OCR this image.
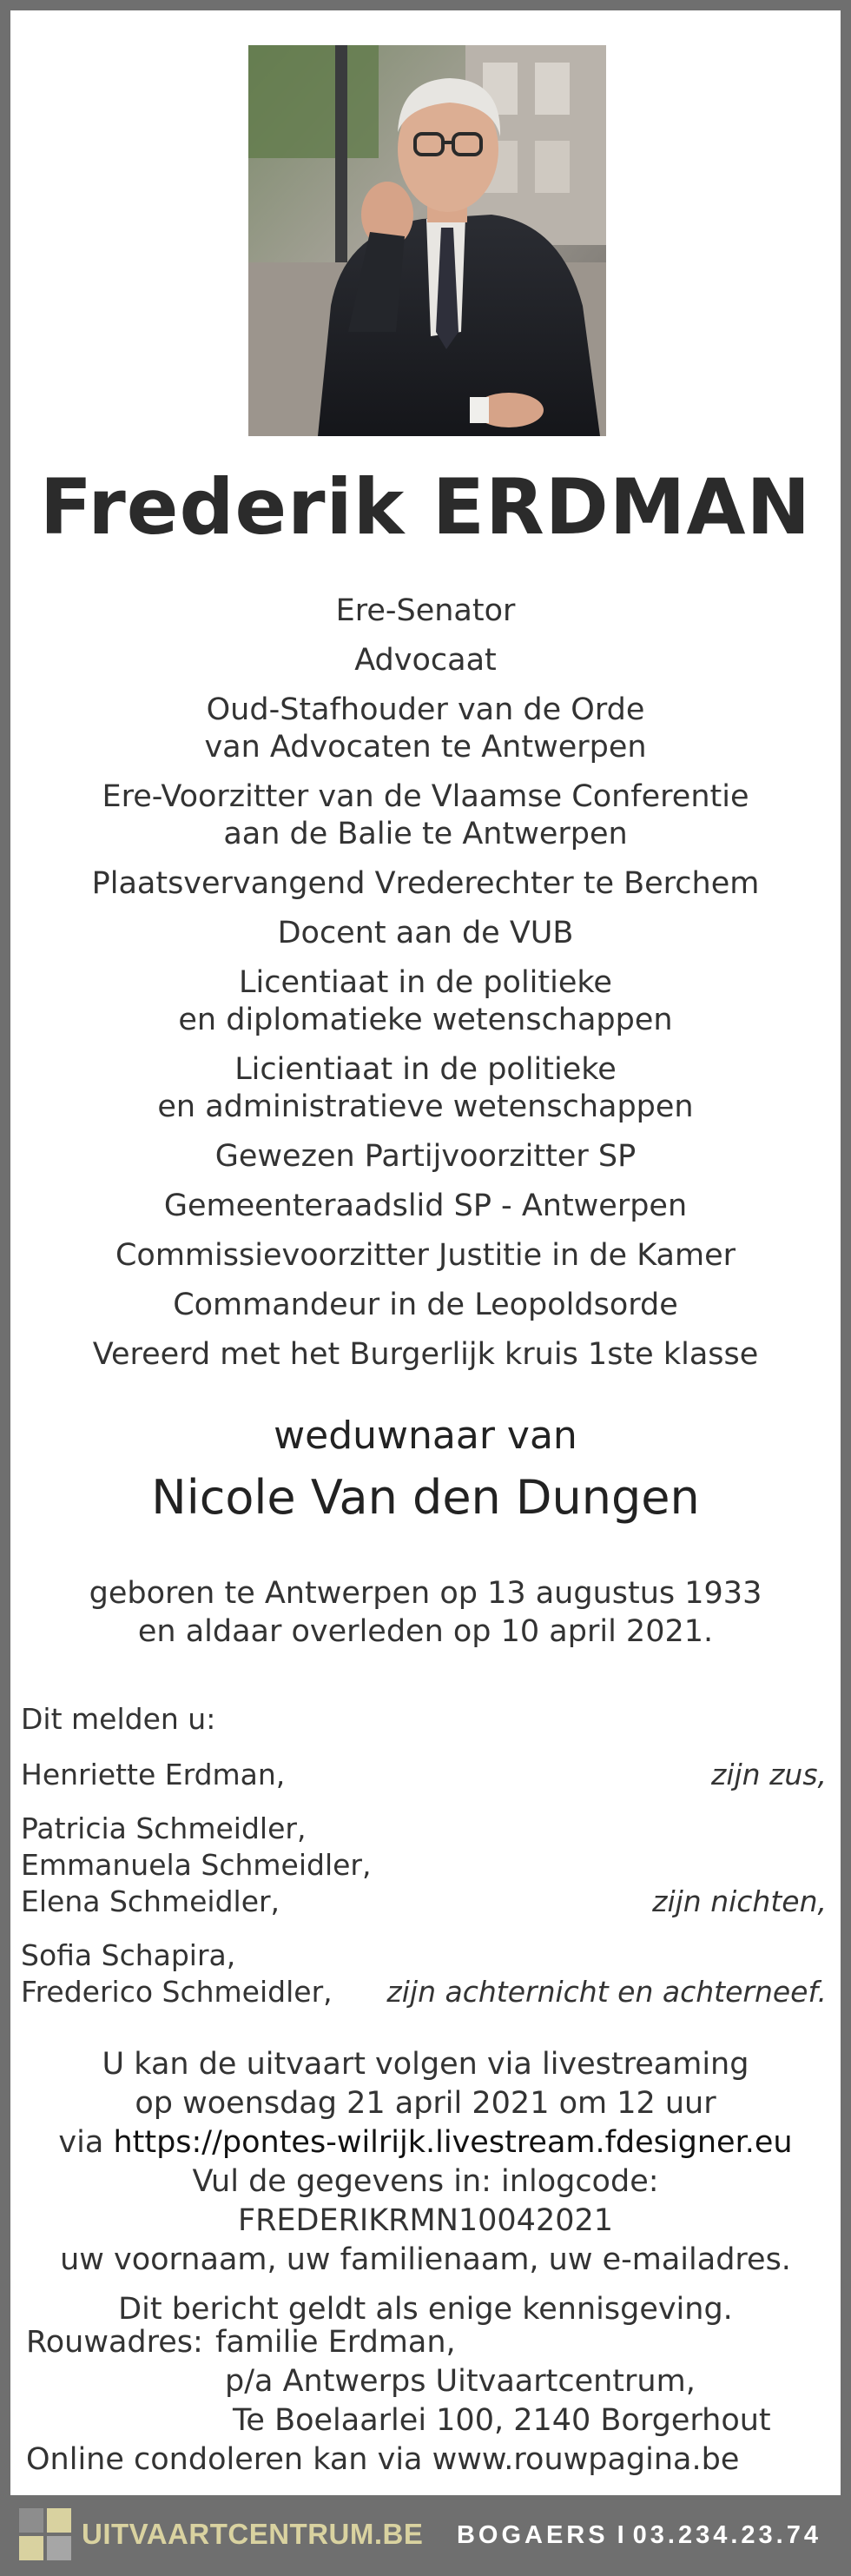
Frederik ERDMAN
Ere-Senator
Advocaat
Oud-Stafhouder van de Orde
van Advocaten te Antwerpen
Ere-Voorzitter van de Vlaamse Conferentie
aan de Balie te Antwerpen
Plaatsvervangend Vrederechter te Berchem
Docent aan de VUB
Licentiaat in de politieke
en diplomatieke wetenschappen
Licientiaat in de politieke
en administratieve wetenschappen
Gewezen Partijvoorzitter SP
Gemeenteraadslid SP - Antwerpen
Commissievoorzitter Justitie in de Kamer
Commandeur in de Leopoldsorde
Vereerd met het Burgerlijk kruis 1ste klasse
weduwnaar van
Nicole Van den Dungen
geboren te Antwerpen op 13 augustus 1933
en aldaar overleden op 10 april 2021.
Dit melden u:
Henriette Erdman,	zijn zus,
Patricia Schmeidler,
Emmanuela Schmeidler,
Elena Schmeidler,	zijn nichten,
Sofia Schapira,
Frederico Schmeidler,	zijn achternicht en achterneef.
U kan de uitvaart volgen via livestreaming
op woensdag 21 april 2021 om 12 uur
via https://pontes-wilrijk.livestream.fdesigner.eu
Vul de gegevens in: inlogcode: FREDERIKRMN10042021
uw voornaam, uw familienaam, uw e-mailadres.
Dit bericht geldt als enige kennisgeving.
Rouwadres: familie Erdman,
p/a Antwerps Uitvaartcentrum,
Te Boelaarlei 100, 2140 Borgerhout
Online condoleren kan via www.rouwpagina.be
UITVAARTCENTRUM.BE BOGAERS I 03.234.23.74
